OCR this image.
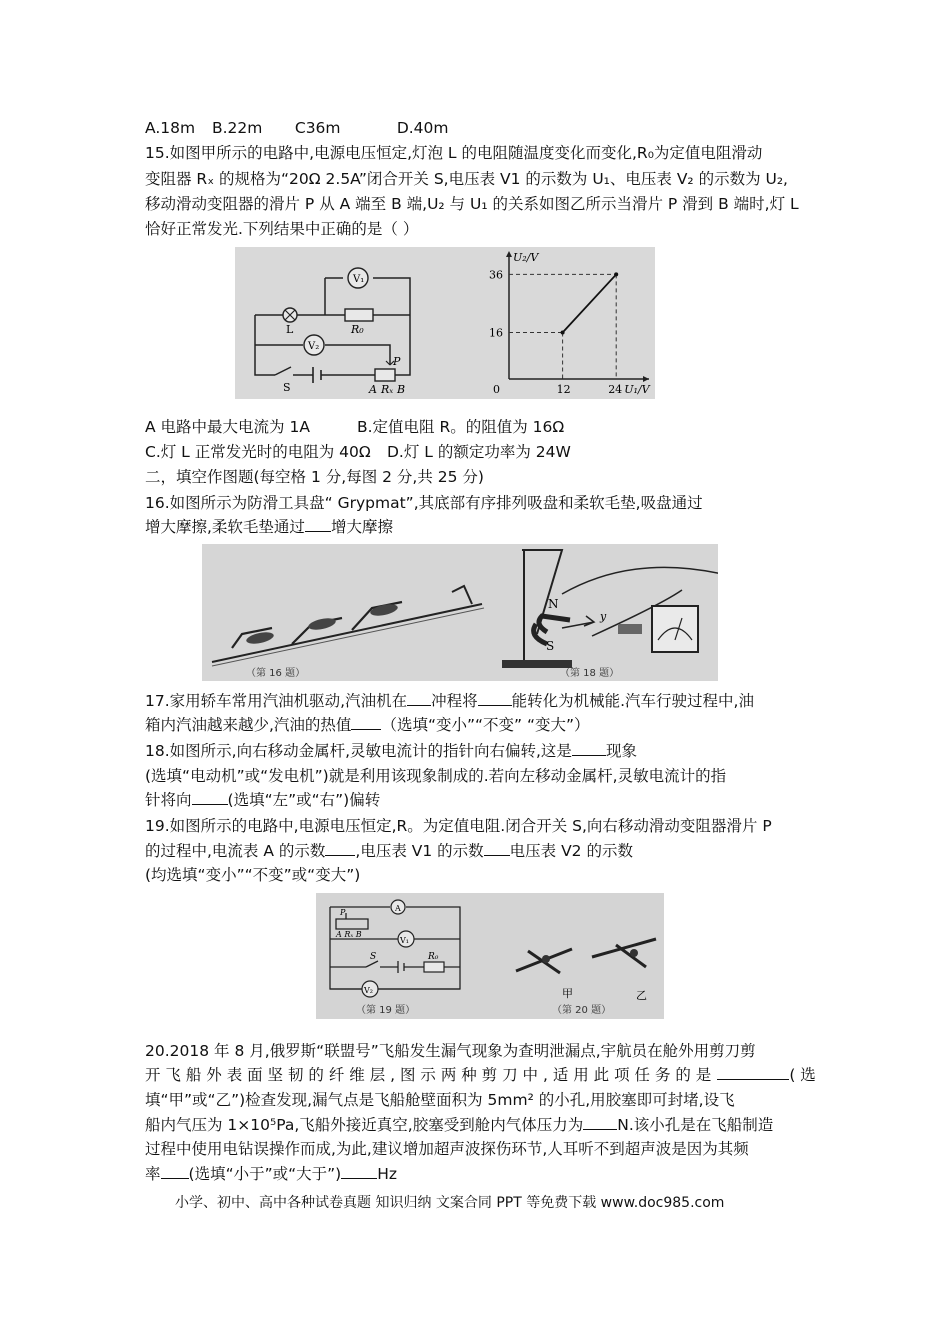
A.18m B.22m C36m	D.40m
15.如图甲所示的电路中,电源电压恒定,灯泡 L 的电阻随温度变化而变化,R₀为定值电阻滑动
变阻器 Rₓ 的规格为“20Ω 2.5A”闭合开关 S,电压表 V1 的示数为 U₁、电压表 V₂ 的示数为 U₂,
移动滑动变阻器的滑片 P 从 A 端至 B 端,U₂ 与 U₁ 的关系如图乙所示当滑片 P 滑到 B 端时,灯 L
恰好正常发光.下列结果中正确的是（ ）
V₁
L	R₀
V₂
S
P
A Rₓ B	0	12	24
16
36
U₁/V
U₂/V
A 电路中最大电流为 1A	B.定值电阻 R。的阻值为 16Ω
C.灯 L 正常发光时的电阻为 40Ω D.灯 L 的额定功率为 24W
二，填空作图题(每空格 1 分,每图 2 分,共 25 分)
16.如图所示为防滑工具盘“ Grypmat”,其底部有序排列吸盘和柔软毛垫,吸盘通过
增大摩擦,柔软毛垫通过 增大摩擦
（第 16 题）
N
S
y
（第 18 题）
17.家用轿车常用汽油机驱动,汽油机在 冲程将 能转化为机械能.汽车行驶过程中,油
箱内汽油越来越少,汽油的热值 （选填“变小”“不变” “变大”）
18.如图所示,向右移动金属杆,灵敏电流计的指针向右偏转,这是 现象
(选填“电动机”或“发电机”)就是利用该现象制成的.若向左移动金属杆,灵敏电流计的指
针将向 (选填“左”或“右”)偏转
19.如图所示的电路中,电源电压恒定,R。为定值电阻.闭合开关 S,向右移动滑动变阻器滑片 P
的过程中,电流表 A 的示数 ,电压表 V1 的示数 电压表 V2 的示数
(均选填“变小”“不变”或“变大”)
A
V₁
V₂
S	R₀
P
A Rₓ B
（第 19 题）
甲	乙
（第 20 题）
20.2018 年 8 月,俄罗斯“联盟号”飞船发生漏气现象为查明泄漏点,宇航员在舱外用剪刀剪
开 飞 船 外 表 面 坚 韧 的 纤 维 层 , 图 示 两 种 剪 刀 中 , 适 用 此 项 任 务 的 是	( 选
填“甲”或“乙”)检查发现,漏气点是飞船舱壁面积为 5mm² 的小孔,用胶塞即可封堵,设飞
船内气压为 1×10⁵Pa,飞船外接近真空,胶塞受到舱内气体压力为 N.该小孔是在飞船制造
过程中使用电钻误操作而成,为此,建议增加超声波探伤环节,人耳听不到超声波是因为其频
率 (选填“小于”或“大于”) Hz
小学、初中、高中各种试卷真题 知识归纳 文案合同 PPT 等免费下载 www.doc985.com
